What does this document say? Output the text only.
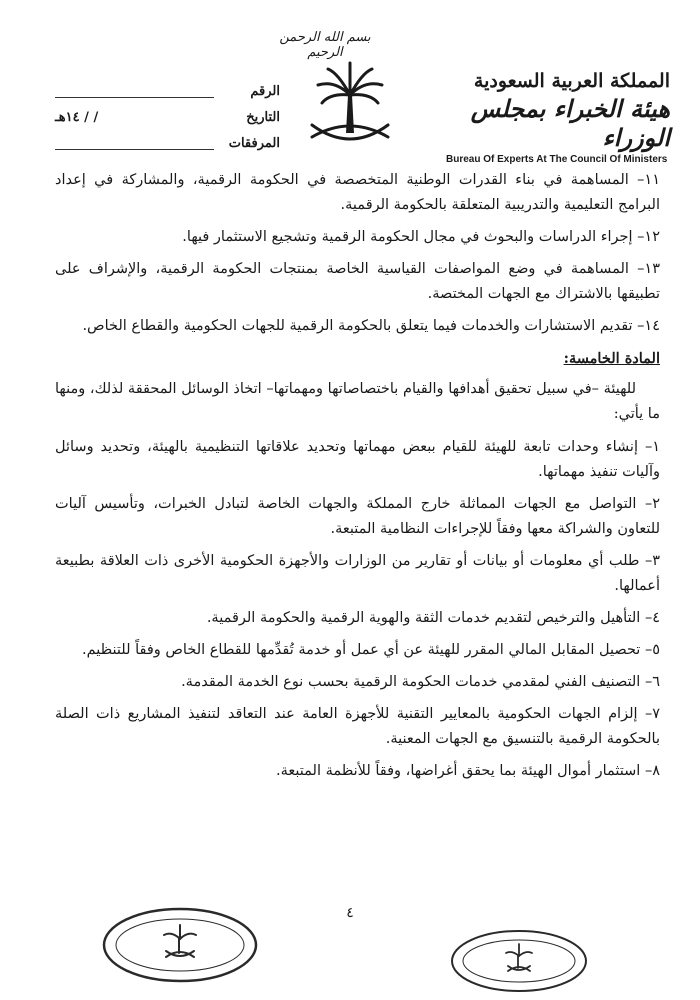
بسم الله الرحمن الرحيم
المملكة العربية السعودية
هيئة الخبراء بمجلس الوزراء
Bureau Of Experts At The Council Of Ministers
الرقم
التاريخ
/ / ١٤هـ
المرفقات
١١– المساهمة في بناء القدرات الوطنية المتخصصة في الحكومة الرقمية، والمشاركة في إعداد البرامج التعليمية والتدريبية المتعلقة بالحكومة الرقمية.
١٢– إجراء الدراسات والبحوث في مجال الحكومة الرقمية وتشجيع الاستثمار فيها.
١٣– المساهمة في وضع المواصفات القياسية الخاصة بمنتجات الحكومة الرقمية، والإشراف على تطبيقها بالاشتراك مع الجهات المختصة.
١٤– تقديم الاستشارات والخدمات فيما يتعلق بالحكومة الرقمية للجهات الحكومية والقطاع الخاص.
المادة الخامسة:
للهيئة –في سبيل تحقيق أهدافها والقيام باختصاصاتها ومهماتها– اتخاذ الوسائل المحققة لذلك، ومنها ما يأتي:
١– إنشاء وحدات تابعة للهيئة للقيام ببعض مهماتها وتحديد علاقاتها التنظيمية بالهيئة، وتحديد وسائل وآليات تنفيذ مهماتها.
٢– التواصل مع الجهات المماثلة خارج المملكة والجهات الخاصة لتبادل الخبرات، وتأسيس آليات للتعاون والشراكة معها وفقاً للإجراءات النظامية المتبعة.
٣– طلب أي معلومات أو بيانات أو تقارير من الوزارات والأجهزة الحكومية الأخرى ذات العلاقة بطبيعة أعمالها.
٤– التأهيل والترخيص لتقديم خدمات الثقة والهوية الرقمية والحكومة الرقمية.
٥– تحصيل المقابل المالي المقرر للهيئة عن أي عمل أو خدمة تُقدِّمها للقطاع الخاص وفقاً للتنظيم.
٦– التصنيف الفني لمقدمي خدمات الحكومة الرقمية بحسب نوع الخدمة المقدمة.
٧– إلزام الجهات الحكومية بالمعايير التقنية للأجهزة العامة عند التعاقد لتنفيذ المشاريع ذات الصلة بالحكومة الرقمية بالتنسيق مع الجهات المعنية.
٨– استثمار أموال الهيئة بما يحقق أغراضها، وفقاً للأنظمة المتبعة.
٤
